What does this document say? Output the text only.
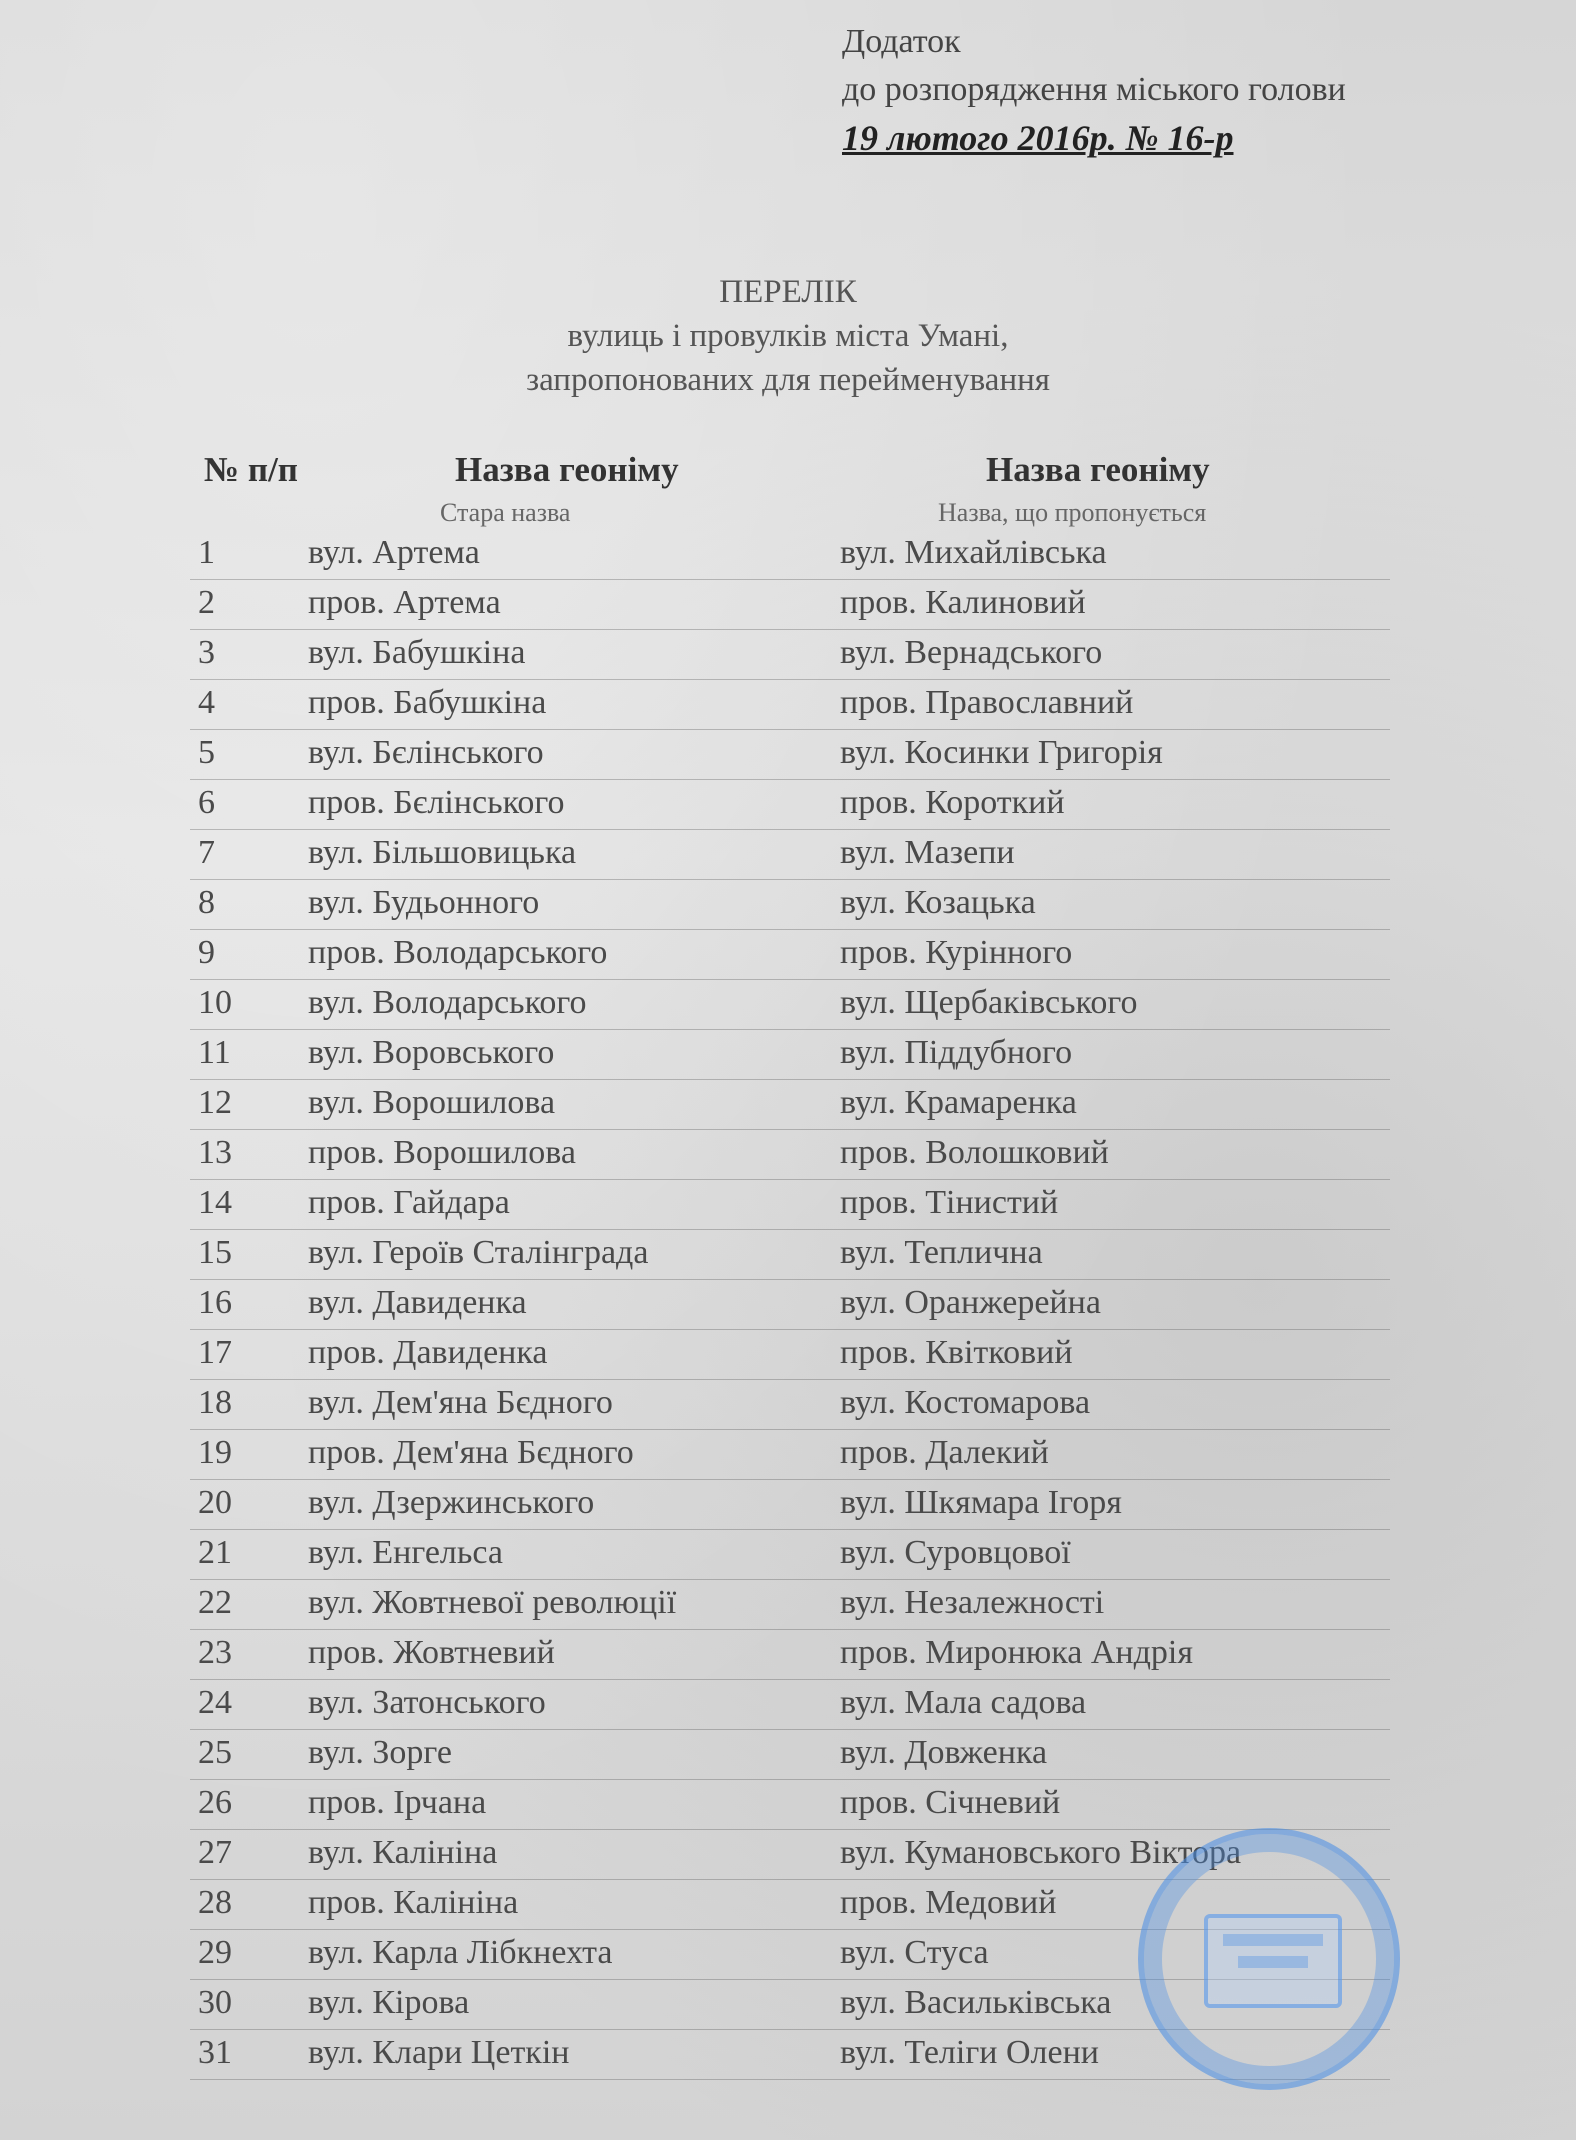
Додаток
до розпорядження міського голови
19 лютого 2016р. № 16-р
ПЕРЕЛІК
вулиць і провулків міста Умані,
запропонованих для перейменування
№ п/п	Назва геоніму	Назва геоніму
Стара назва	Назва, що пропонується
1	вул. Артема	вул. Михайлівська
2	пров. Артема	пров. Калиновий
3	вул. Бабушкіна	вул. Вернадського
4	пров. Бабушкіна	пров. Православний
5	вул. Бєлінського	вул. Косинки Григорія
6	пров. Бєлінського	пров. Короткий
7	вул. Більшовицька	вул. Мазепи
8	вул. Будьонного	вул. Козацька
9	пров. Володарського	пров. Курінного
10 вул. Володарського	вул. Щербаківського
11 вул. Воровського	вул. Піддубного
12 вул. Ворошилова	вул. Крамаренка
13 пров. Ворошилова	пров. Волошковий
14 пров. Гайдара	пров. Тінистий
15 вул. Героїв Сталінграда	вул. Теплична
16 вул. Давиденка	вул. Оранжерейна
17 пров. Давиденка	пров. Квітковий
18 вул. Дем'яна Бєдного	вул. Костомарова
19 пров. Дем'яна Бєдного	пров. Далекий
20 вул. Дзержинського	вул. Шкямара Ігоря
21 вул. Енгельса	вул. Суровцової
22 вул. Жовтневої революції	вул. Незалежності
23 пров. Жовтневий	пров. Миронюка Андрія
24 вул. Затонського	вул. Мала садова
25 вул. Зорге	вул. Довженка
26 пров. Ірчана	пров. Січневий
27 вул. Калініна	вул. Кумановського Віктора
28 пров. Калініна	пров. Медовий
29 вул. Карла Лібкнехта	вул. Стуса
30 вул. Кірова	вул. Васильківська
31 вул. Клари Цеткін	вул. Теліги Олени
